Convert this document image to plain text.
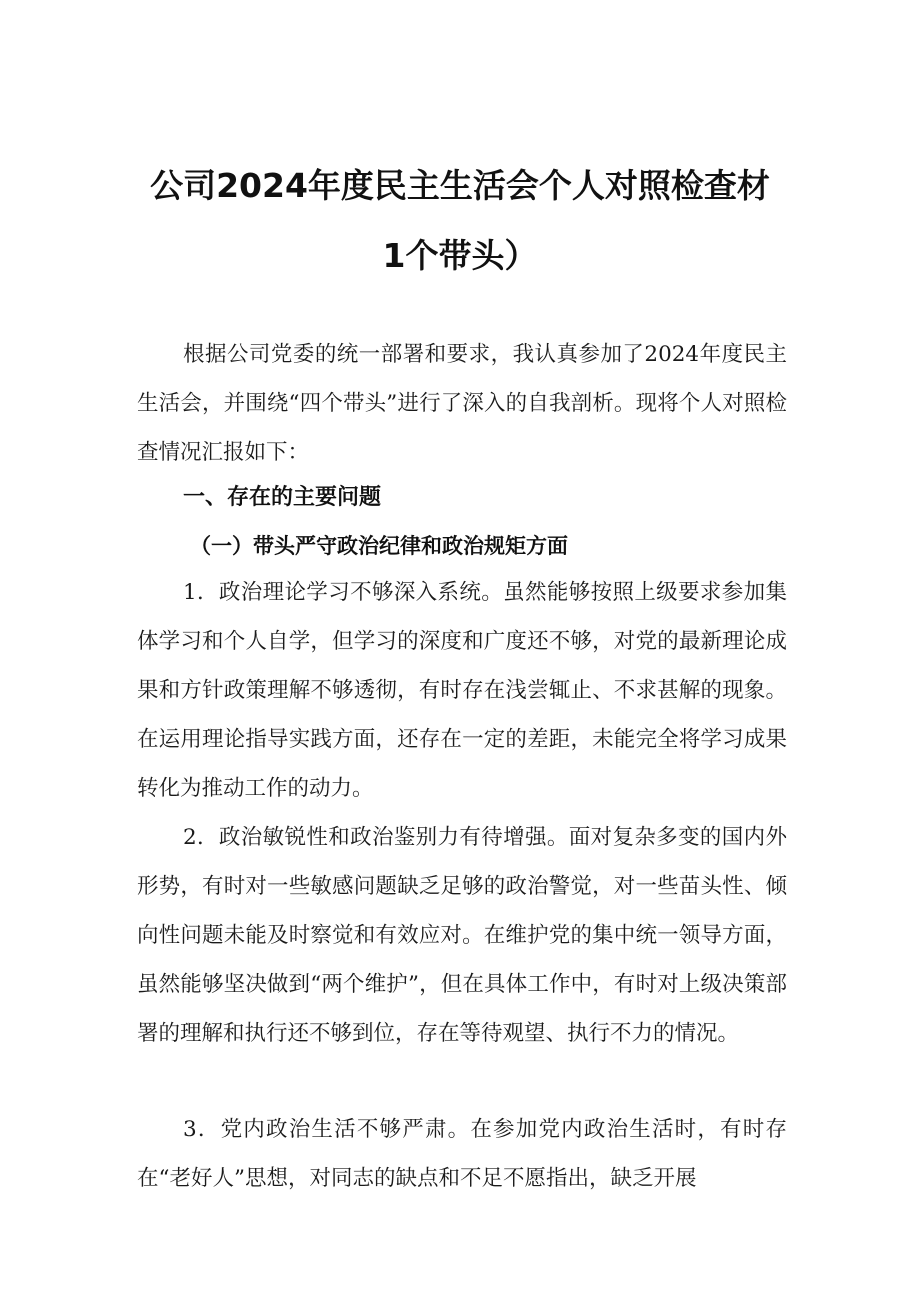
公司2024年度民主生活会个人对照检查材
1个带头）

根据公司党委的统一部署和要求，我认真参加了2024年度民主生活会，并围绕“四个带头”进行了深入的自我剖析。现将个人对照检查情况汇报如下：

一、存在的主要问题
（一）带头严守政治纪律和政治规矩方面

1．政治理论学习不够深入系统。虽然能够按照上级要求参加集体学习和个人自学，但学习的深度和广度还不够，对党的最新理论成果和方针政策理解不够透彻，有时存在浅尝辄止、不求甚解的现象。在运用理论指导实践方面，还存在一定的差距，未能完全将学习成果转化为推动工作的动力。

2．政治敏锐性和政治鉴别力有待增强。面对复杂多变的国内外形势，有时对一些敏感问题缺乏足够的政治警觉，对一些苗头性、倾向性问题未能及时察觉和有效应对。在维护党的集中统一领导方面，虽然能够坚决做到“两个维护”，但在具体工作中，有时对上级决策部署的理解和执行还不够到位，存在等待观望、执行不力的情况。

3．党内政治生活不够严肃。在参加党内政治生活时，有时存在“老好人”思想，对同志的缺点和不足不愿指出，缺乏开展
